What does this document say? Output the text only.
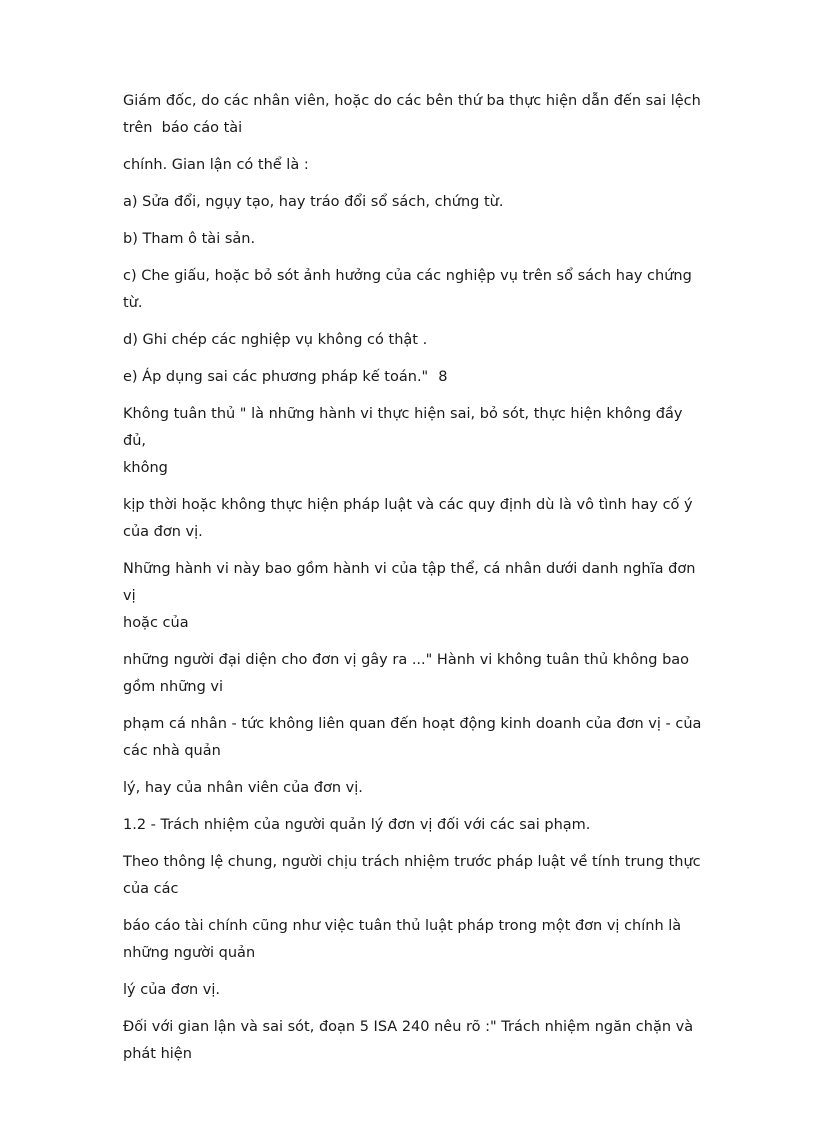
Giám đốc, do các nhân viên, hoặc do các bên thứ ba thực hiện dẫn đến sai lệch
trên  báo cáo tài

chính. Gian lận có thể là :

a) Sửa đổi, ngụy tạo, hay tráo đổi sổ sách, chứng từ.

b) Tham ô tài sản.

c) Che giấu, hoặc bỏ sót ảnh hưởng của các nghiệp vụ trên sổ sách hay chứng từ.

d) Ghi chép các nghiệp vụ không có thật .

e) Áp dụng sai các phương pháp kế toán." 8

Không tuân thủ " là những hành vi thực hiện sai, bỏ sót, thực hiện không đầy đủ,
không

kịp thời hoặc không thực hiện pháp luật và các quy định dù là vô tình hay cố ý
của đơn vị.

Những hành vi này bao gồm hành vi của tập thể, cá nhân dưới danh nghĩa đơn vị
hoặc của

những người đại diện cho đơn vị gây ra ..." Hành vi không tuân thủ không bao
gồm những vi

phạm cá nhân - tức không liên quan đến hoạt động kinh doanh của đơn vị - của
các nhà quản

lý, hay của nhân viên của đơn vị.

1.2 - Trách nhiệm của người quản lý đơn vị đối với các sai phạm.

Theo thông lệ chung, người chịu trách nhiệm trước pháp luật về tính trung thực
của các

báo cáo tài chính cũng như việc tuân thủ luật pháp trong một đơn vị chính là
những người quản

lý của đơn vị.

Đối với gian lận và sai sót, đoạn 5 ISA 240 nêu rõ :" Trách nhiệm ngăn chặn và
phát hiện
